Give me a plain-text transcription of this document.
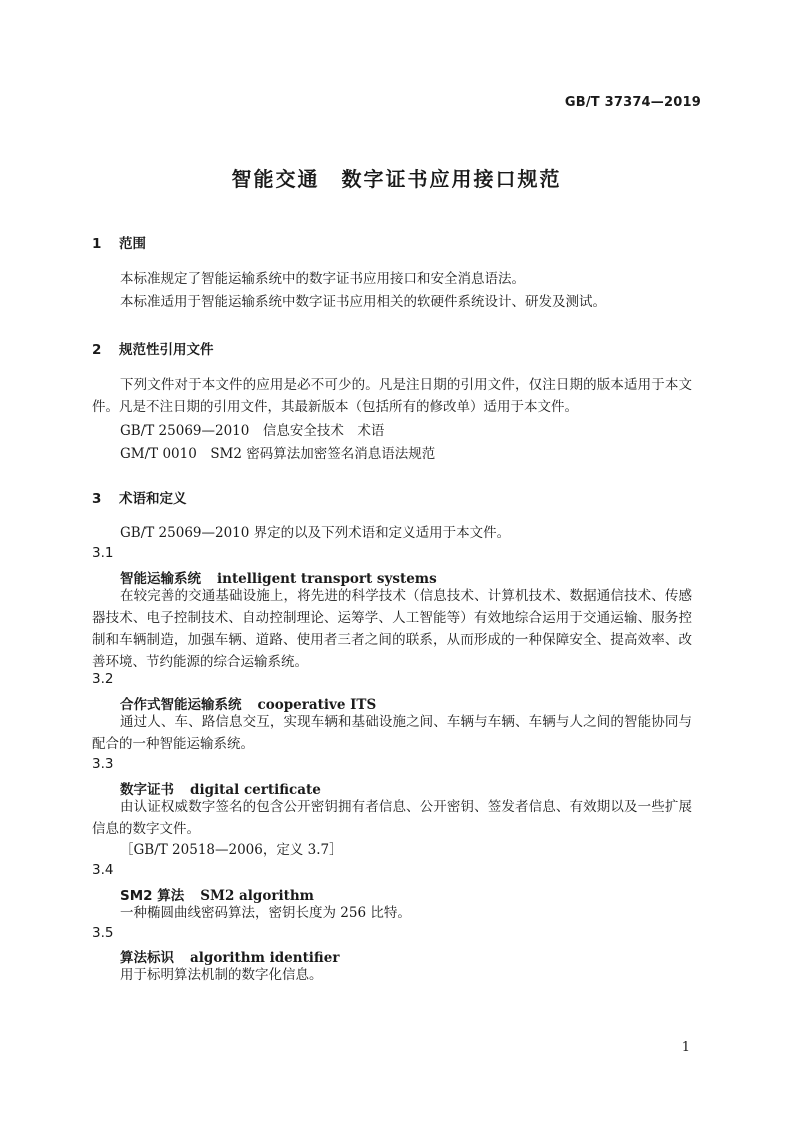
GB/T 37374—2019
智能交通　数字证书应用接口规范
1 范围
本标准规定了智能运输系统中的数字证书应用接口和安全消息语法。
本标准适用于智能运输系统中数字证书应用相关的软硬件系统设计、研发及测试。
2 规范性引用文件
下列文件对于本文件的应用是必不可少的。凡是注日期的引用文件，仅注日期的版本适用于本文件。凡是不注日期的引用文件，其最新版本（包括所有的修改单）适用于本文件。
GB/T 25069—2010　 信息安全技术　术语
GM/T 0010　 SM2 密码算法加密签名消息语法规范
3 术语和定义
GB/T 25069—2010 界定的以及下列术语和定义适用于本文件。
3.1
智能运输系统 intelligent transport systems
在较完善的交通基础设施上，将先进的科学技术（信息技术、计算机技术、数据通信技术、传感器技术、电子控制技术、自动控制理论、运筹学、人工智能等）有效地综合运用于交通运输、服务控制和车辆制造，加强车辆、道路、使用者三者之间的联系，从而形成的一种保障安全、提高效率、改善环境、节约能源的综合运输系统。
3.2
合作式智能运输系统 cooperative ITS
通过人、车、路信息交互，实现车辆和基础设施之间、车辆与车辆、车辆与人之间的智能协同与配合的一种智能运输系统。
3.3
数字证书 digital certificate
由认证权威数字签名的包含公开密钥拥有者信息、公开密钥、签发者信息、有效期以及一些扩展信息的数字文件。
［GB/T 20518—2006，定义 3.7］
3.4
SM2 算法 SM2 algorithm
一种椭圆曲线密码算法，密钥长度为 256 比特。
3.5
算法标识 algorithm identifier
用于标明算法机制的数字化信息。
1
